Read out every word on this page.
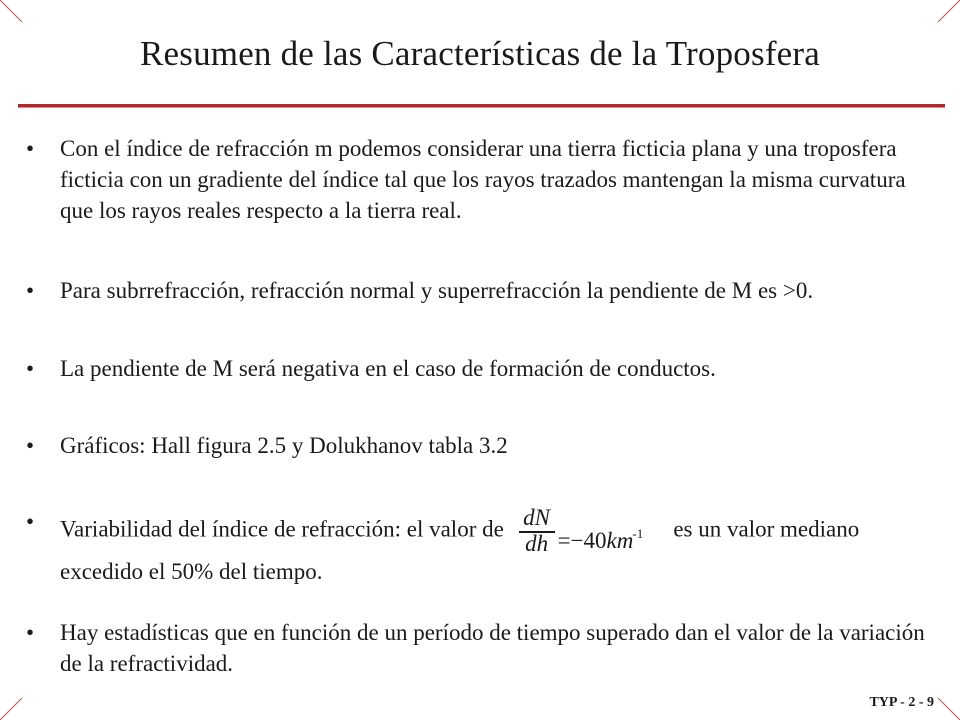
Resumen de las Características de la Troposfera
•	Con el índice de refracción m podemos considerar una tierra ficticia plana y una troposfera ficticia con un gradiente del índice tal que los rayos trazados mantengan la misma curvatura que los rayos reales respecto a la tierra real.
•	Para subrrefracción, refracción normal y superrefracción la pendiente de M es >0.
•	La pendiente de M será negativa en el caso de formación de conductos.
•	Gráficos: Hall figura 2.5 y Dolukhanov tabla 3.2
•	Variabilidad del índice de refracción: el valor de dN
dh $=-40km^{-1}$ es un valor mediano excedido el 50% del tiempo.
•	Hay estadísticas que en función de un período de tiempo superado dan el valor de la variación de la refractividad.
TYP - 2 - 9
